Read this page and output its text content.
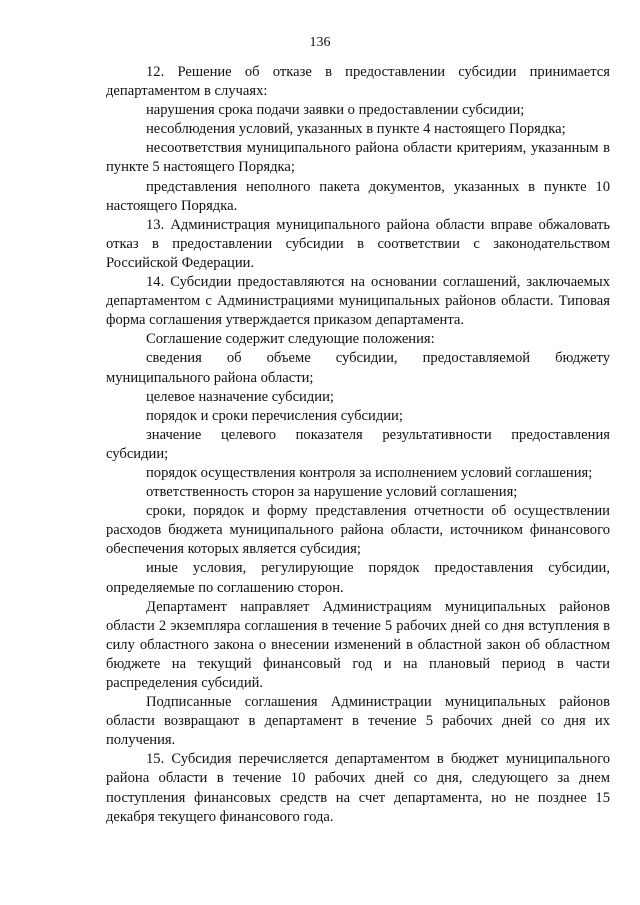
136

12. Решение об отказе в предоставлении субсидии принимается департаментом в случаях:

нарушения срока подачи заявки о предоставлении субсидии;

несоблюдения условий, указанных в пункте 4 настоящего Порядка;

несоответствия муниципального района области критериям, указанным в пункте 5 настоящего Порядка;

представления неполного пакета документов, указанных в пункте 10 настоящего Порядка.

13. Администрация муниципального района области вправе обжаловать отказ в предоставлении субсидии в соответствии с законодательством Российской Федерации.

14. Субсидии предоставляются на основании соглашений, заключаемых департаментом с Администрациями муниципальных районов области. Типовая форма соглашения утверждается приказом департамента.

Соглашение содержит следующие положения:

сведения об объеме субсидии, предоставляемой бюджету муниципального района области;

целевое назначение субсидии;

порядок и сроки перечисления субсидии;

значение целевого показателя результативности предоставления субсидии;

порядок осуществления контроля за исполнением условий соглашения;

ответственность сторон за нарушение условий соглашения;

сроки, порядок и форму представления отчетности об осуществлении расходов бюджета муниципального района области, источником финансового обеспечения которых является субсидия;

иные условия, регулирующие порядок предоставления субсидии, определяемые по соглашению сторон.

Департамент направляет Администрациям муниципальных районов области 2 экземпляра соглашения в течение 5 рабочих дней со дня вступления в силу областного закона о внесении изменений в областной закон об областном бюджете на текущий финансовый год и на плановый период в части распределения субсидий.

Подписанные соглашения Администрации муниципальных районов области возвращают в департамент в течение 5 рабочих дней со дня их получения.

15. Субсидия перечисляется департаментом в бюджет муниципального района области в течение 10 рабочих дней со дня, следующего за днем поступления финансовых средств на счет департамента, но не позднее 15 декабря текущего финансового года.
